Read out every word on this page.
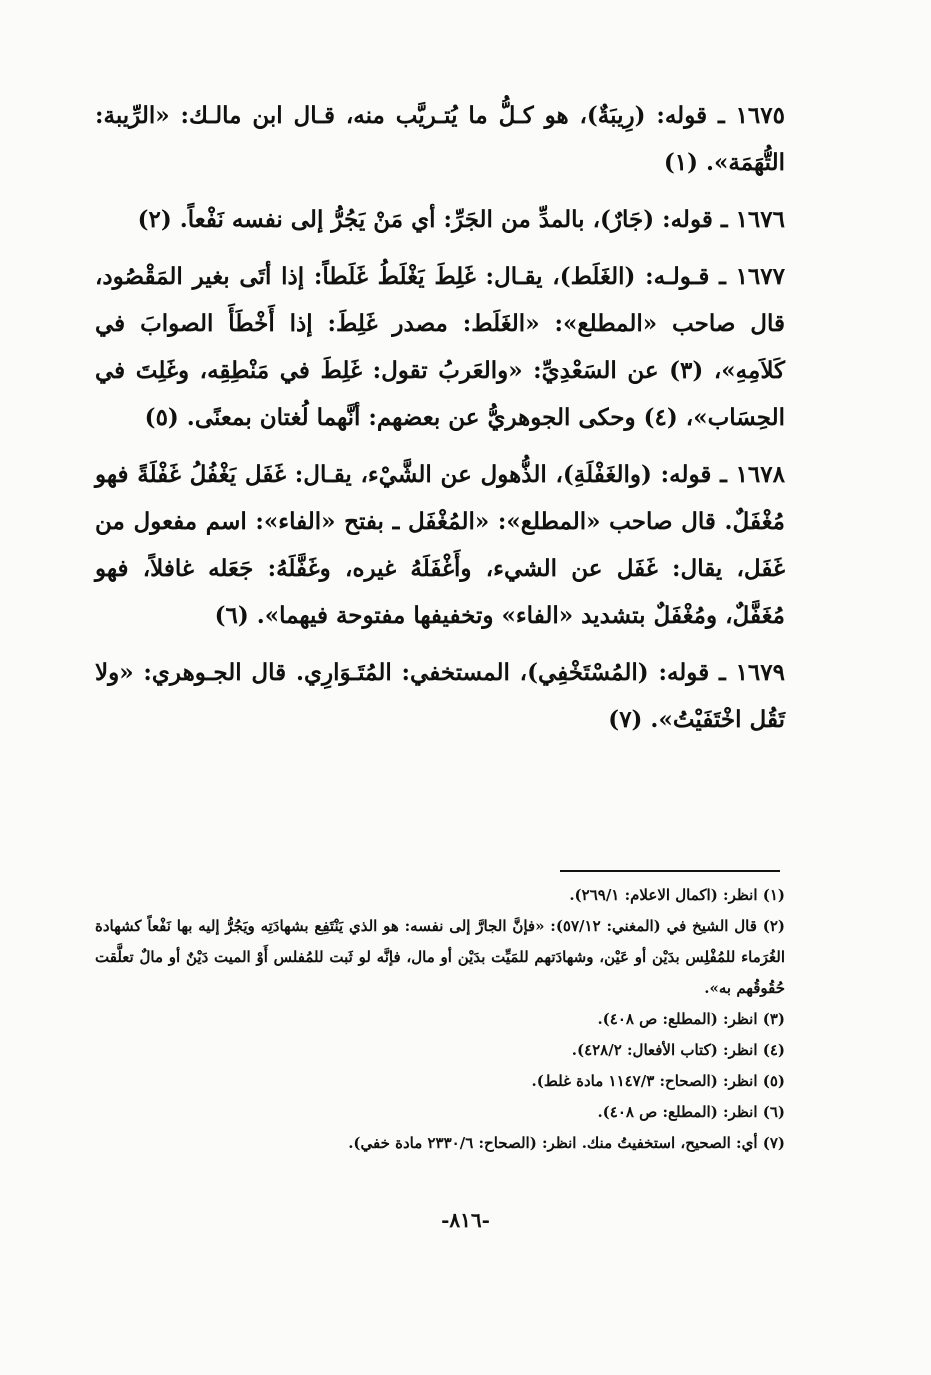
١٦٧٥ ـ قوله: (رِيبَةٌ)، هو كـلُّ ما يُتـريَّب منه، قـال ابن مالـك: «الرِّيبة: التُّهَمَة». (١)

١٦٧٦ ـ قوله: (جَارٌ)، بالمدِّ من الجَرِّ: أي مَنْ يَجُرُّ إلى نفسه نَفْعاً. (٢)

١٦٧٧ ـ قـولـه: (الغَلَط)، يقـال: غَلِطَ يَغْلَطُ غَلَطاً: إذا أتَى بغير المَقْصُود، قال صاحب «المطلع»: «الغَلَط: مصدر غَلِطَ: إذا أَخْطَأَ الصوابَ في كَلاَمِهِ»، (٣) عن السَعْدِيِّ: «والعَربُ تقول: غَلِطَ في مَنْطِقِه، وغَلِتَ في الحِسَاب»، (٤) وحكى الجوهريُّ عن بعضهم: أنَّهما لُغتان بمعنًى. (٥)

١٦٧٨ ـ قوله: (والغَفْلَةِ)، الذُّهول عن الشَّيْء، يقـال: غَفَل يَغْفُلُ غَفْلَةً فهو مُغْفَلٌ. قال صاحب «المطلع»: «المُغْفَل ـ بفتح «الفاء»: اسم مفعول من غَفَل، يقال: غَفَل عن الشيء، وأَغْفَلَهُ غيره، وغَفَّلَهُ: جَعَله غافلاً، فهو مُغَفَّلٌ، ومُغْفَلٌ بتشديد «الفاء» وتخفيفها مفتوحة فيهما». (٦)

١٦٧٩ ـ قوله: (المُسْتَخْفِي)، المستخفي: المُتَـوَارِي. قال الجـوهري: «ولا تَقُل اخْتَفَيْتُ». (٧)

(١) انظر: (اكمال الاعلام: ٢٦٩/١).

(٢) قال الشيخ في (المغني: ٥٧/١٢): «فإنَّ الجارَّ إلى نفسه: هو الذي يَنْتَفِع بشهادَتِه ويَجُرُّ إليه بها نَفْعاً كشهادة الغُرَماء للمُفْلِس بدَيْن أو عَيْن، وشهادَتهم للمَيِّت بدَيْن أو مال، فإنَّه لو ثَبت للمُفلس أَوْ الميت دَيْنٌ أو مالٌ تعلَّقت حُقُوقُهم به».

(٣) انظر: (المطلع: ص ٤٠٨).

(٤) انظر: (كتاب الأفعال: ٤٢٨/٢).

(٥) انظر: (الصحاح: ١١٤٧/٣ مادة غلط).

(٦) انظر: (المطلع: ص ٤٠٨).

(٧) أي: الصحيح، استخفيتُ منك. انظر: (الصحاح: ٢٣٣٠/٦ مادة خفي).

-٨١٦-
